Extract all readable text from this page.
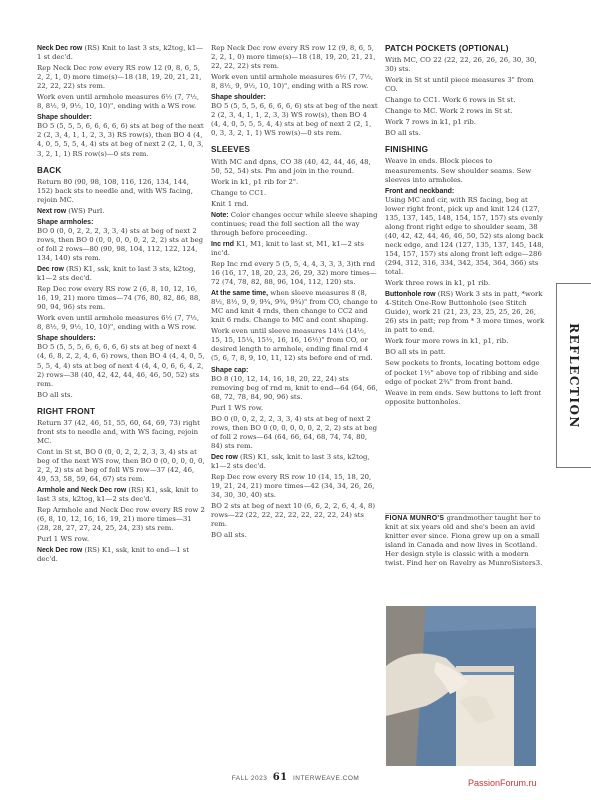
Neck Dec row (RS) Knit to last 3 sts, k2tog, k1—1 st dec'd.

Rep Neck Dec row every RS row 12 (9, 8, 6, 5, 2, 2, 1, 0) more time(s)—18 (18, 19, 20, 21, 21, 22, 22, 22) sts rem.

Work even until armhole measures 6½ (7, 7½, 8, 8½, 9, 9½, 10, 10)", ending with a WS row.

Shape shoulder:

BO 5 (5, 5, 5, 6, 6, 6, 6, 6) sts at beg of the next 2 (2, 3, 4, 1, 1, 2, 3, 3) RS row(s), then BO 4 (4, 4, 0, 5, 5, 5, 4, 4) sts at beg of next 2 (2, 1, 0, 3, 3, 2, 1, 1) RS row(s)—0 sts rem.

BACK

Return 80 (90, 98, 108, 116, 126, 134, 144, 152) back sts to needle and, with WS facing, rejoin MC.

Next row (WS) Purl.

Shape armholes:

BO 0 (0, 0, 2, 2, 2, 3, 3, 4) sts at beg of next 2 rows, then BO 0 (0, 0, 0, 0, 0, 2, 2, 2) sts at beg of foll 2 rows—80 (90, 98, 104, 112, 122, 124, 134, 140) sts rem.

Dec row (RS) K1, ssk, knit to last 3 sts, k2tog, k1—2 sts dec'd.

Rep Dec row every RS row 2 (6, 8, 10, 12, 16, 16, 19, 21) more times—74 (76, 80, 82, 86, 88, 90, 94, 96) sts rem.

Work even until armhole measures 6½ (7, 7½, 8, 8½, 9, 9½, 10, 10)", ending with a WS row.

Shape shoulders:

BO 5 (5, 5, 5, 6, 6, 6, 6, 6) sts at beg of next 4 (4, 6, 8, 2, 2, 4, 6, 6) rows, then BO 4 (4, 4, 0, 5, 5, 5, 4, 4) sts at beg of next 4 (4, 4, 0, 6, 6, 4, 2, 2) rows—38 (40, 42, 42, 44, 46, 46, 50, 52) sts rem.

BO all sts.

RIGHT FRONT

Return 37 (42, 46, 51, 55, 60, 64, 69, 73) right front sts to needle and, with WS facing, rejoin MC.

Cont in St st, BO 0 (0, 0, 2, 2, 2, 3, 3, 4) sts at beg of the next WS row, then BO 0 (0, 0, 0, 0, 0, 2, 2, 2) sts at beg of foll WS row—37 (42, 46, 49, 53, 58, 59, 64, 67) sts rem.

Armhole and Neck Dec row (RS) K1, ssk, knit to last 3 sts, k2tog, k1—2 sts dec'd.

Rep Armhole and Neck Dec row every RS row 2 (6, 8, 10, 12, 16, 16, 19, 21) more times—31 (28, 28, 27, 27, 24, 25, 24, 23) sts rem.

Purl 1 WS row.

Neck Dec row (RS) K1, ssk, knit to end—1 st dec'd.

Rep Neck Dec row every RS row 12 (9, 8, 6, 5, 2, 2, 1, 0) more time(s)—18 (18, 19, 20, 21, 21, 22, 22, 22) sts rem.

Work even until armhole measures 6½ (7, 7½, 8, 8½, 9, 9½, 10, 10)", ending with a RS row.

Shape shoulder:

BO 5 (5, 5, 5, 6, 6, 6, 6, 6) sts at beg of the next 2 (2, 3, 4, 1, 1, 2, 3, 3) WS row(s), then BO 4 (4, 4, 0, 5, 5, 5, 4, 4) sts at beg of next 2 (2, 1, 0, 3, 3, 2, 1, 1) WS row(s)—0 sts rem.

SLEEVES

With MC and dpns, CO 38 (40, 42, 44, 46, 48, 50, 52, 54) sts. Pm and join in the round.

Work in k1, p1 rib for 2".

Change to CC1.

Knit 1 rnd.

Note: Color changes occur while sleeve shaping continues; read the foll section all the way through before proceeding.

Inc rnd K1, M1, knit to last st, M1, k1—2 sts inc'd.

Rep Inc rnd every 5 (5, 5, 4, 4, 3, 3, 3, 3)th rnd 16 (16, 17, 18, 20, 23, 26, 29, 32) more times—72 (74, 78, 82, 88, 96, 104, 112, 120) sts.

At the same time, when sleeve measures 8 (8, 8½, 8½, 9, 9, 9¾, 9¾, 9¾)" from CO, change to MC and knit 4 rnds, then change to CC2 and knit 6 rnds. Change to MC and cont shaping.

Work even until sleeve measures 14¼ (14½, 15, 15, 15¼, 15½, 16, 16, 16½)" from CO, or desired length to armhole, ending final rnd 4 (5, 6, 7, 8, 9, 10, 11, 12) sts before end of rnd.

Shape cap:

BO 8 (10, 12, 14, 16, 18, 20, 22, 24) sts removing beg of rnd m, knit to end—64 (64, 66, 68, 72, 78, 84, 90, 96) sts.

Purl 1 WS row.

BO 0 (0, 0, 2, 2, 2, 3, 3, 4) sts at beg of next 2 rows, then BO 0 (0, 0, 0, 0, 0, 2, 2, 2) sts at beg of foll 2 rows—64 (64, 66, 64, 68, 74, 74, 80, 84) sts rem.

Dec row (RS) K1, ssk, knit to last 3 sts, k2tog, k1—2 sts dec'd.

Rep Dec row every RS row 10 (14, 15, 18, 20, 19, 21, 24, 21) more times—42 (34, 34, 26, 26, 34, 30, 30, 40) sts.

BO 2 sts at beg of next 10 (6, 6, 2, 2, 6, 4, 4, 8) rows—22 (22, 22, 22, 22, 22, 22, 22, 24) sts rem.

BO all sts.

PATCH POCKETS (OPTIONAL)

With MC, CO 22 (22, 22, 26, 26, 26, 30, 30, 30) sts.

Work in St st until piece measures 3" from CO.

Change to CC1. Work 6 rows in St st.

Change to MC. Work 2 rows in St st.

Work 7 rows in k1, p1 rib.

BO all sts.

FINISHING

Weave in ends. Block pieces to measurements. Sew shoulder seams. Sew sleeves into armholes.

Front and neckband:

Using MC and cir, with RS facing, beg at lower right front, pick up and knit 124 (127, 135, 137, 145, 148, 154, 157, 157) sts evenly along front right edge to shoulder seam, 38 (40, 42, 42, 44, 46, 46, 50, 52) sts along back neck edge, and 124 (127, 135, 137, 145, 148, 154, 157, 157) sts along front left edge—286 (294, 312, 316, 334, 342, 354, 364, 366) sts total.

Work three rows in k1, p1 rib.

Buttonhole row (RS) Work 3 sts in patt, *work 4-Stitch One-Row Buttonhole (see Stitch Guide), work 21 (21, 23, 23, 25, 25, 26, 26, 26) sts in patt; rep from * 3 more times, work in patt to end.

Work four more rows in k1, p1, rib.

BO all sts in patt.

Sew pockets to fronts, locating bottom edge of pocket 1½" above top of ribbing and side edge of pocket 2¾" from front band.

Weave in rem ends. Sew buttons to left front opposite buttonholes.

FIONA MUNRO'S grandmother taught her to knit at six years old and she's been an avid knitter ever since. Fiona grew up on a small island in Canada and now lives in Scotland. Her design style is classic with a modern twist. Find her on Ravelry as MunroSisters3.

REFLECTION
FALL 2023 61 INTERWEAVE.COM	PassionForum.ru
